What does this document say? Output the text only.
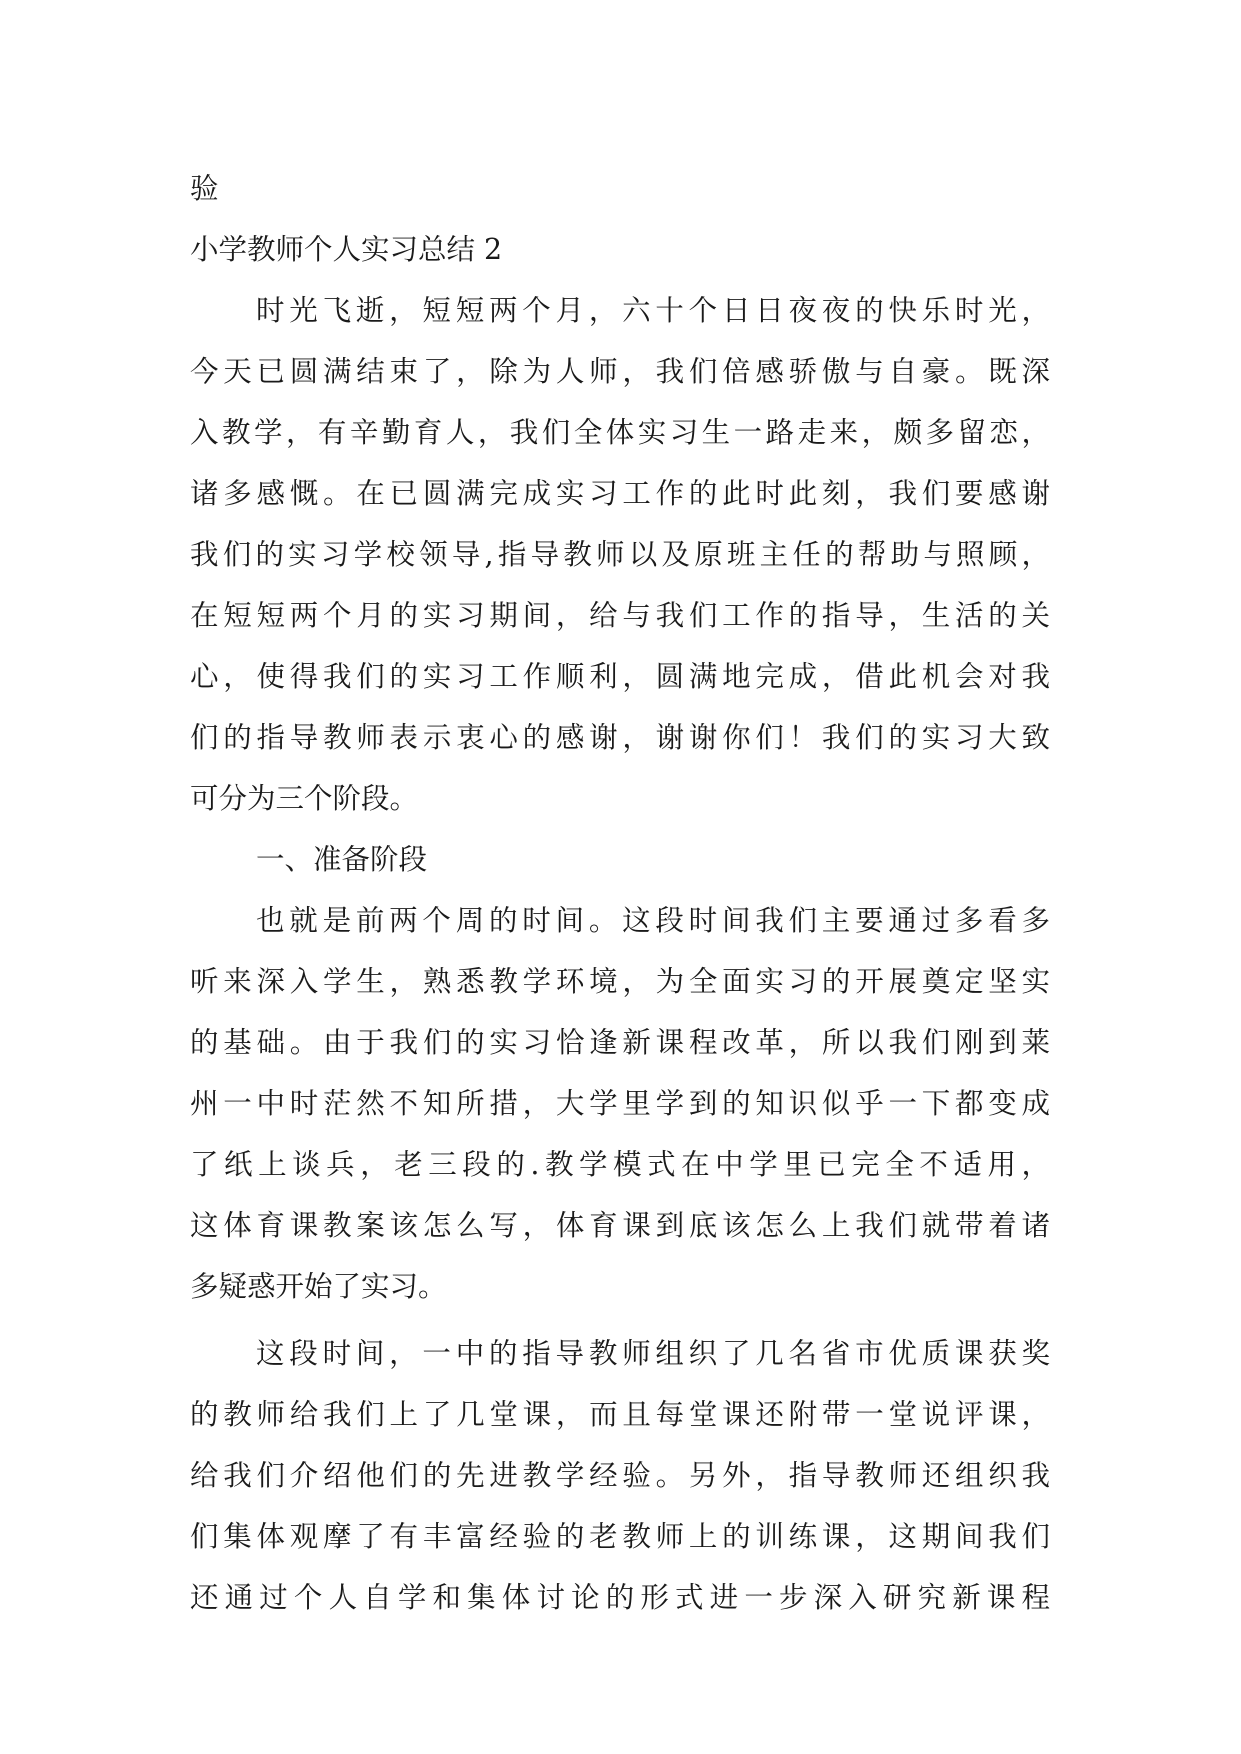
验
小学教师个人实习总结 2
时光飞逝，短短两个月，六十个日日夜夜的快乐时光，
今天已圆满结束了，除为人师，我们倍感骄傲与自豪。既深
入教学，有辛勤育人，我们全体实习生一路走来，颇多留恋，
诸多感慨。在已圆满完成实习工作的此时此刻，我们要感谢
我们的实习学校领导,指导教师以及原班主任的帮助与照顾，
在短短两个月的实习期间，给与我们工作的指导，生活的关
心，使得我们的实习工作顺利，圆满地完成，借此机会对我
们的指导教师表示衷心的感谢，谢谢你们！我们的实习大致
可分为三个阶段。
一、准备阶段
也就是前两个周的时间。这段时间我们主要通过多看多
听来深入学生，熟悉教学环境，为全面实习的开展奠定坚实
的基础。由于我们的实习恰逢新课程改革，所以我们刚到莱
州一中时茫然不知所措，大学里学到的知识似乎一下都变成
了纸上谈兵，老三段的.教学模式在中学里已完全不适用，
这体育课教案该怎么写，体育课到底该怎么上我们就带着诸
多疑惑开始了实习。
这段时间，一中的指导教师组织了几名省市优质课获奖
的教师给我们上了几堂课，而且每堂课还附带一堂说评课，
给我们介绍他们的先进教学经验。另外，指导教师还组织我
们集体观摩了有丰富经验的老教师上的训练课，这期间我们
还通过个人自学和集体讨论的形式进一步深入研究新课程
